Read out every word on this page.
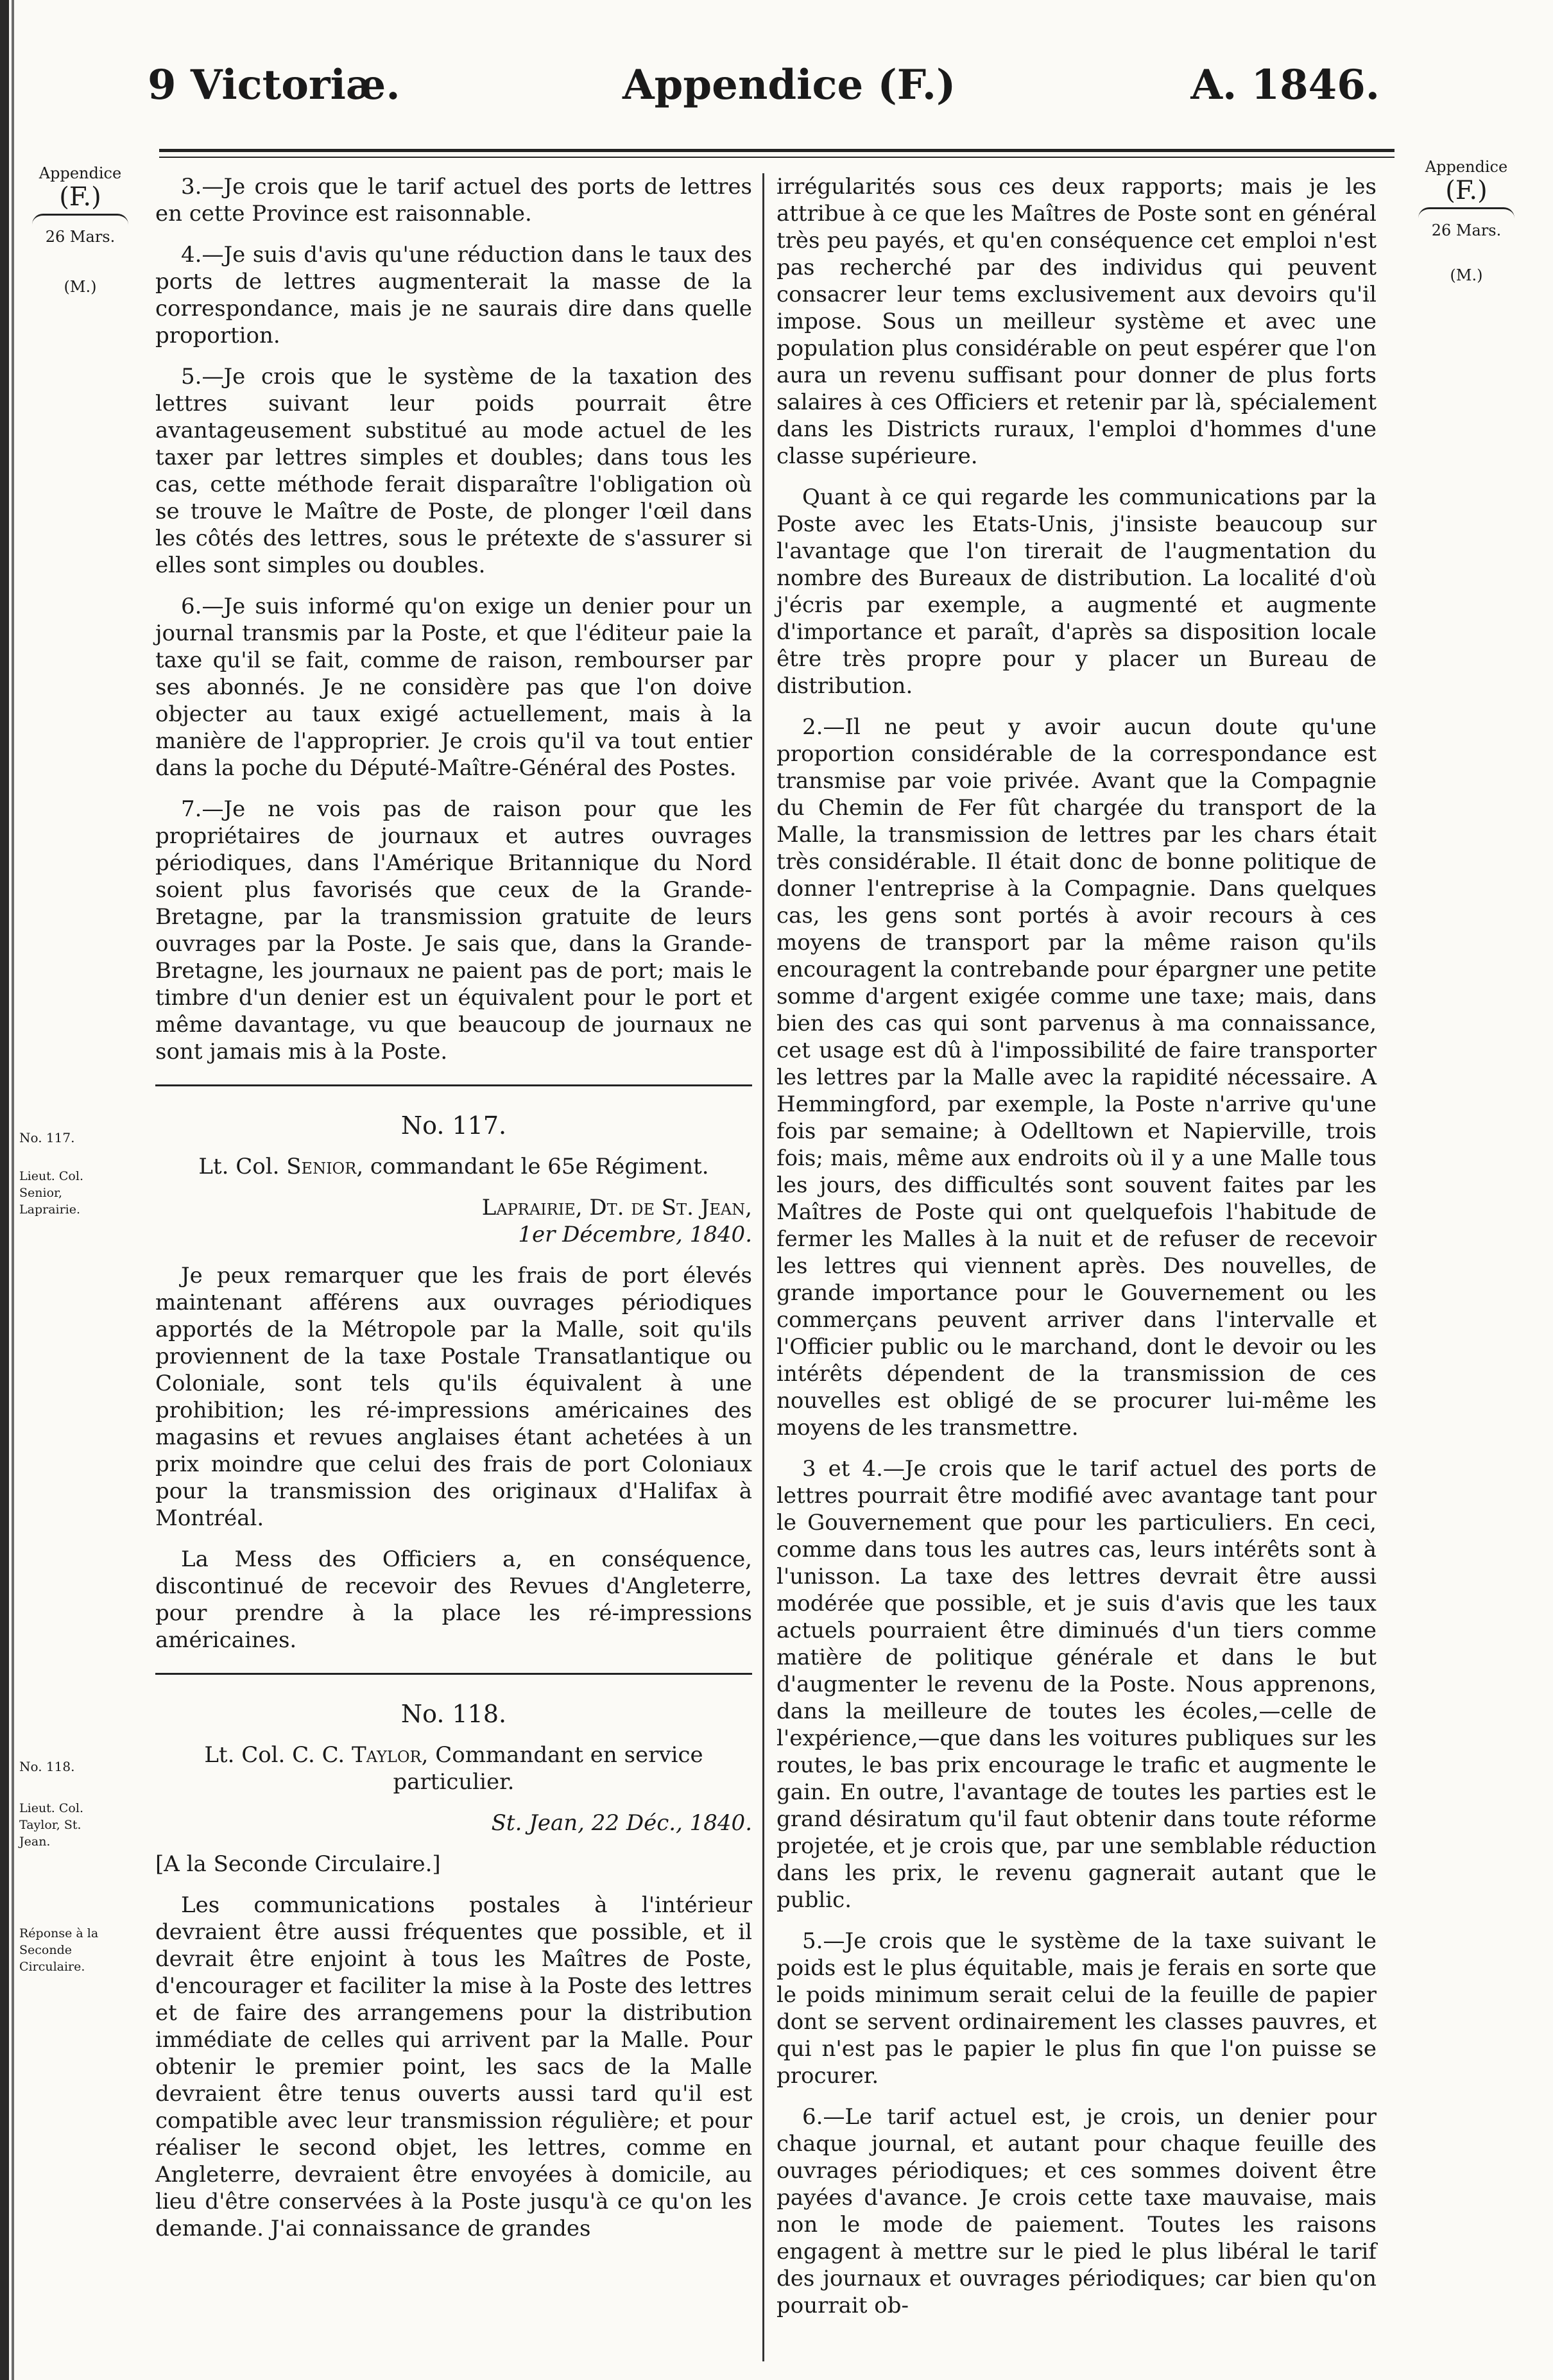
9 Victoriæ.	Appendice (F.)	A. 1846.
Appendice
(F.)
26 Mars.
(M.)
Appendice
(F.)
26 Mars.
(M.)
No. 117.
Lieut. Col. Senior, Laprairie.
No. 118.
Lieut. Col. Taylor, St. Jean.
Réponse à la Seconde Circulaire.

3.—Je crois que le tarif actuel des ports de lettres en cette Province est raisonnable.

4.—Je suis d'avis qu'une réduction dans le taux des ports de lettres augmenterait la masse de la correspondance, mais je ne saurais dire dans quelle proportion.

5.—Je crois que le système de la taxation des lettres suivant leur poids pourrait être avantageusement substitué au mode actuel de les taxer par lettres simples et doubles; dans tous les cas, cette méthode ferait disparaître l'obligation où se trouve le Maître de Poste, de plonger l'œil dans les côtés des lettres, sous le prétexte de s'assurer si elles sont simples ou doubles.

6.—Je suis informé qu'on exige un denier pour un journal transmis par la Poste, et que l'éditeur paie la taxe qu'il se fait, comme de raison, rembourser par ses abonnés. Je ne considère pas que l'on doive objecter au taux exigé actuellement, mais à la manière de l'approprier. Je crois qu'il va tout entier dans la poche du Député-Maître-Général des Postes.

7.—Je ne vois pas de raison pour que les propriétaires de journaux et autres ouvrages périodiques, dans l'Amérique Britannique du Nord soient plus favorisés que ceux de la Grande-Bretagne, par la transmission gratuite de leurs ouvrages par la Poste. Je sais que, dans la Grande-Bretagne, les journaux ne paient pas de port; mais le timbre d'un denier est un équivalent pour le port et même davantage, vu que beaucoup de journaux ne sont jamais mis à la Poste.

No. 117.

Lt. Col. Senior, commandant le 65e Régiment.

Laprairie, Dt. de St. Jean,

1er Décembre, 1840.

Je peux remarquer que les frais de port élevés maintenant afférens aux ouvrages périodiques apportés de la Métropole par la Malle, soit qu'ils proviennent de la taxe Postale Transatlantique ou Coloniale, sont tels qu'ils équivalent à une prohibition; les ré-impressions américaines des magasins et revues anglaises étant achetées à un prix moindre que celui des frais de port Coloniaux pour la transmission des originaux d'Halifax à Montréal.

La Mess des Officiers a, en conséquence, discontinué de recevoir des Revues d'Angleterre, pour prendre à la place les ré-impressions américaines.

No. 118.

Lt. Col. C. C. Taylor, Commandant en service particulier.

St. Jean, 22 Déc., 1840.

[A la Seconde Circulaire.]

Les communications postales à l'intérieur devraient être aussi fréquentes que possible, et il devrait être enjoint à tous les Maîtres de Poste, d'encourager et faciliter la mise à la Poste des lettres et de faire des arrangemens pour la distribution immédiate de celles qui arrivent par la Malle. Pour obtenir le premier point, les sacs de la Malle devraient être tenus ouverts aussi tard qu'il est compatible avec leur transmission régulière; et pour réaliser le second objet, les lettres, comme en Angleterre, devraient être envoyées à domicile, au lieu d'être conservées à la Poste jusqu'à ce qu'on les demande. J'ai connaissance de grandes

irrégularités sous ces deux rapports; mais je les attribue à ce que les Maîtres de Poste sont en général très peu payés, et qu'en conséquence cet emploi n'est pas recherché par des individus qui peuvent consacrer leur tems exclusivement aux devoirs qu'il impose. Sous un meilleur système et avec une population plus considérable on peut espérer que l'on aura un revenu suffisant pour donner de plus forts salaires à ces Officiers et retenir par là, spécialement dans les Districts ruraux, l'emploi d'hommes d'une classe supérieure.

Quant à ce qui regarde les communications par la Poste avec les Etats-Unis, j'insiste beaucoup sur l'avantage que l'on tirerait de l'augmentation du nombre des Bureaux de distribution. La localité d'où j'écris par exemple, a augmenté et augmente d'importance et paraît, d'après sa disposition locale être très propre pour y placer un Bureau de distribution.

2.—Il ne peut y avoir aucun doute qu'une proportion considérable de la correspondance est transmise par voie privée. Avant que la Compagnie du Chemin de Fer fût chargée du transport de la Malle, la transmission de lettres par les chars était très considérable. Il était donc de bonne politique de donner l'entreprise à la Compagnie. Dans quelques cas, les gens sont portés à avoir recours à ces moyens de transport par la même raison qu'ils encouragent la contrebande pour épargner une petite somme d'argent exigée comme une taxe; mais, dans bien des cas qui sont parvenus à ma connaissance, cet usage est dû à l'impossibilité de faire transporter les lettres par la Malle avec la rapidité nécessaire. A Hemmingford, par exemple, la Poste n'arrive qu'une fois par semaine; à Odelltown et Napierville, trois fois; mais, même aux endroits où il y a une Malle tous les jours, des difficultés sont souvent faites par les Maîtres de Poste qui ont quelquefois l'habitude de fermer les Malles à la nuit et de refuser de recevoir les lettres qui viennent après. Des nouvelles, de grande importance pour le Gouvernement ou les commerçans peuvent arriver dans l'intervalle et l'Officier public ou le marchand, dont le devoir ou les intérêts dépendent de la transmission de ces nouvelles est obligé de se procurer lui-même les moyens de les transmettre.

3 et 4.—Je crois que le tarif actuel des ports de lettres pourrait être modifié avec avantage tant pour le Gouvernement que pour les particuliers. En ceci, comme dans tous les autres cas, leurs intérêts sont à l'unisson. La taxe des lettres devrait être aussi modérée que possible, et je suis d'avis que les taux actuels pourraient être diminués d'un tiers comme matière de politique générale et dans le but d'augmenter le revenu de la Poste. Nous apprenons, dans la meilleure de toutes les écoles,—celle de l'expérience,—que dans les voitures publiques sur les routes, le bas prix encourage le trafic et augmente le gain. En outre, l'avantage de toutes les parties est le grand désiratum qu'il faut obtenir dans toute réforme projetée, et je crois que, par une semblable réduction dans les prix, le revenu gagnerait autant que le public.

5.—Je crois que le système de la taxe suivant le poids est le plus équitable, mais je ferais en sorte que le poids minimum serait celui de la feuille de papier dont se servent ordinairement les classes pauvres, et qui n'est pas le papier le plus fin que l'on puisse se procurer.

6.—Le tarif actuel est, je crois, un denier pour chaque journal, et autant pour chaque feuille des ouvrages périodiques; et ces sommes doivent être payées d'avance. Je crois cette taxe mauvaise, mais non le mode de paiement. Toutes les raisons engagent à mettre sur le pied le plus libéral le tarif des journaux et ouvrages périodiques; car bien qu'on pourrait ob-
